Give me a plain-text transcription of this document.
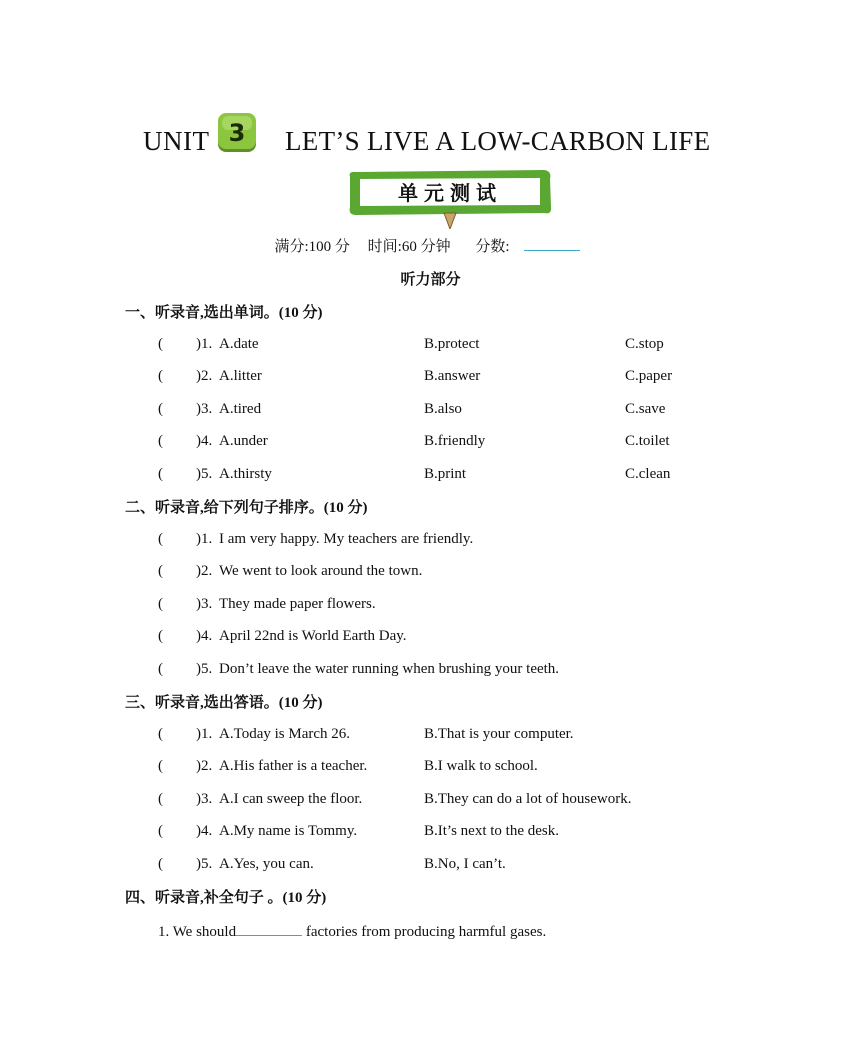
UNIT 3 LET’S LIVE A LOW-CARBON LIFE
单元测试
满分:100 分 时间:60 分钟 分数:
听力部分
一、听录音,选出单词。(10 分)
( )1. A.date	B.protect	C.stop
( )2. A.litter	B.answer	C.paper
( )3. A.tired	B.also	C.save
( )4. A.under	B.friendly	C.toilet
( )5. A.thirsty	B.print	C.clean
二、听录音,给下列句子排序。(10 分)
( )1. I am very happy. My teachers are friendly.
( )2. We went to look around the town.
( )3. They made paper flowers.
( )4. April 22nd is World Earth Day.
( )5. Don’t leave the water running when brushing your teeth.
三、听录音,选出答语。(10 分)
( )1. A.Today is March 26.	B.That is your computer.
( )2. A.His father is a teacher.	B.I walk to school.
( )3. A.I can sweep the floor.	B.They can do a lot of housework.
( )4. A.My name is Tommy.	B.It’s next to the desk.
( )5. A.Yes, you can.	B.No, I can’t.
四、听录音,补全句子 。(10 分)
1. We should	factories from producing harmful gases.
